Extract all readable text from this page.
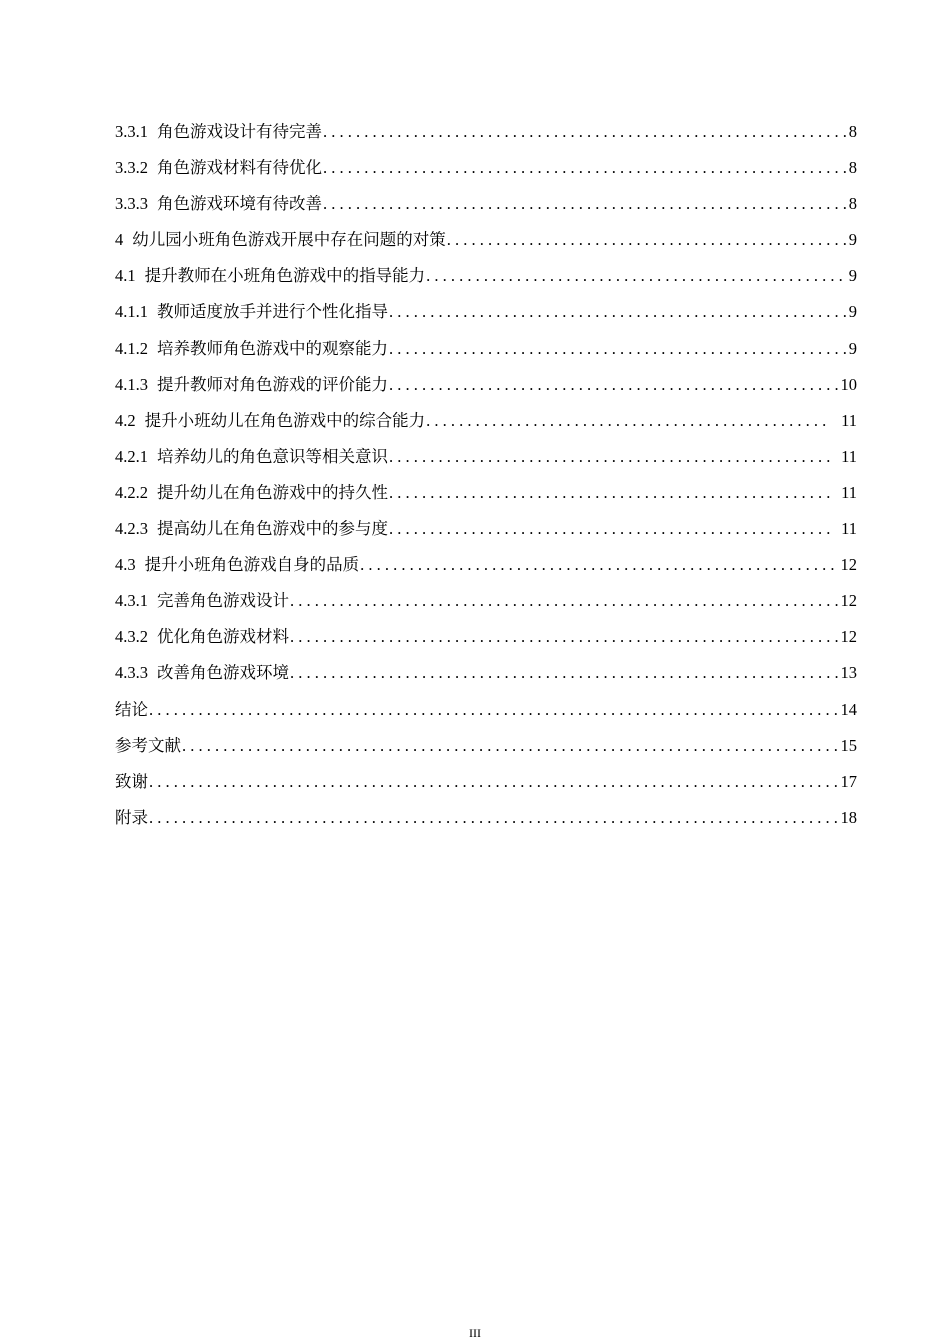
3.3.1 角色游戏设计有待完善 . . .	8
3.3.2 角色游戏材料有待优化 . . .	8
3.3.3 角色游戏环境有待改善 . . .	8
4 幼儿园小班角色游戏开展中存在问题的对策 . . .	9
4.1 提升教师在小班角色游戏中的指导能力 . . .	9
4.1.1 教师适度放手并进行个性化指导 . . .	9
4.1.2 培养教师角色游戏中的观察能力 . . .	9
4.1.3 提升教师对角色游戏的评价能力 . . .	10
4.2 提升小班幼儿在角色游戏中的综合能力 . . .	11
4.2.1 培养幼儿的角色意识等相关意识 . . .	11
4.2.2 提升幼儿在角色游戏中的持久性 . . .	11
4.2.3 提高幼儿在角色游戏中的参与度 . . .	11
4.3 提升小班角色游戏自身的品质 . . .	12
4.3.1 完善角色游戏设计 . . .	12
4.3.2 优化角色游戏材料 . . .	12
4.3.3 改善角色游戏环境 . . .	13
结论 . . .	14
参考文献 . . .	15
致谢 . . .	17
附录 . . .	18
III
